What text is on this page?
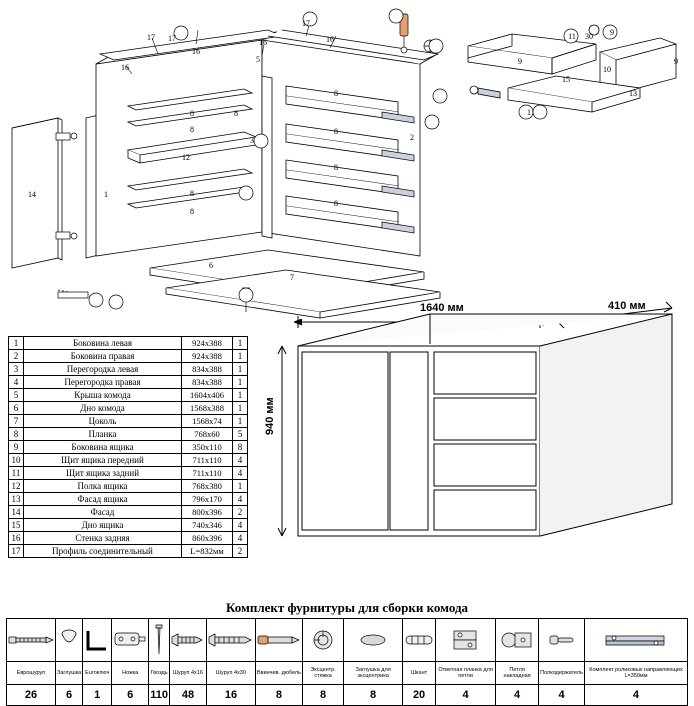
17 17
16
16
16
17
16
14	1
12
3
5
6
7
8
8
8
8
8
8
8
8
8
2
11 30 9
9	9
10
15
1
13
1	Боковина левая	924x388	1
2	Боковина правая	924x388	1
3	Перегородка левая	834x388	1
4	Перегородка правая	834x388	1
5	Крыша комода	1604x406	1
6	Дно комода	1568x388	1
7	Цоколь	1568x74	1
8	Планка	768x60	5
9	Боковина ящика	350x110	8
10	Щит ящика передний	711x110	4
11	Щит ящика задний	711x110	4
12	Полка ящика	768x380	1
13	Фасад ящика	796x170	4
14	Фасад	800x396	2
15	Дно ящика	740x346	4
16	Стенка задняя	860x396	4
17	Профиль соединительный	L=832мм	2
1640 мм	410 мм
940 мм
Комплект фурнитуры для сборки комода

Еврошуруп	Заглушка	Euroключ	Ножка	Гвоздь	Шуруп 4х16	Шуруп 4х30	Ввинчив. дюбель	Эксцентр. стяжка	Заглушка для эксцентрика	Шкант	Ответная планка для петли	Петля накладная	Полкодержатель	Комплект роликовых направляющих L=350мм
26	6	1	6	110	48	16	8	8	8	20	4	4	4	4
